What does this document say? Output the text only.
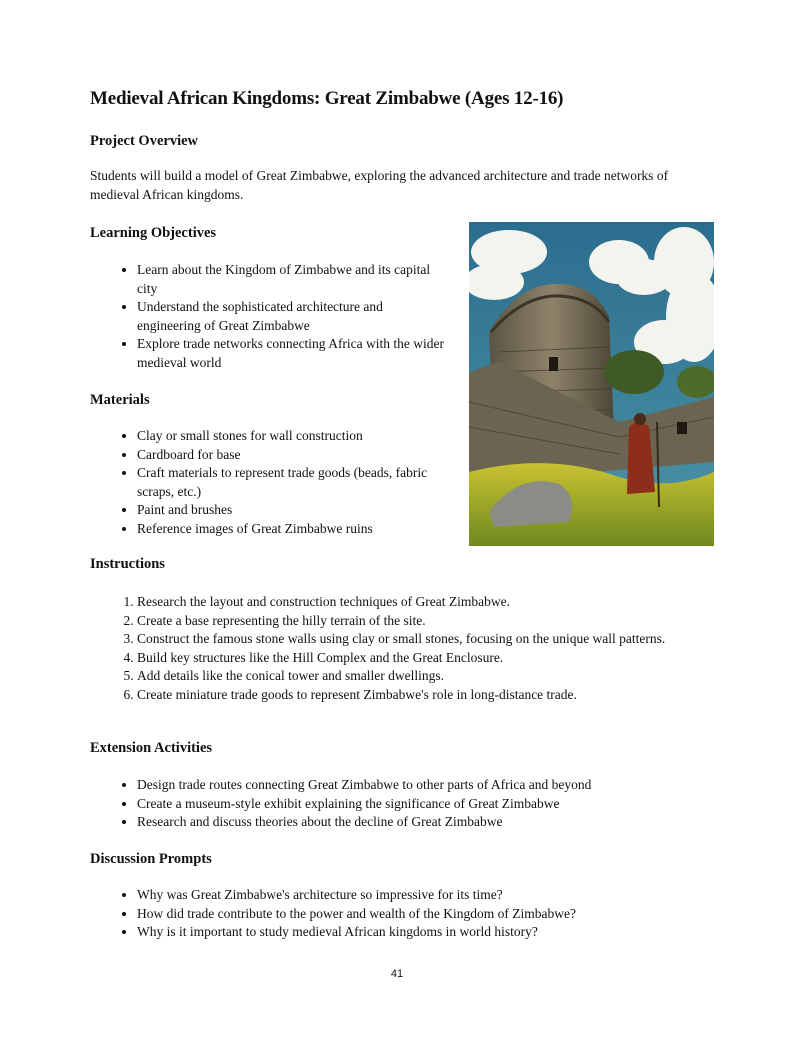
Medieval African Kingdoms: Great Zimbabwe (Ages 12-16)
Project Overview

Students will build a model of Great Zimbabwe, exploring the advanced architecture and trade networks of medieval African kingdoms.

Learning Objectives
• Learn about the Kingdom of Zimbabwe and its capital city
• Understand the sophisticated architecture and engineering of Great Zimbabwe
• Explore trade networks connecting Africa with the wider medieval world
Materials
• Clay or small stones for wall construction
• Cardboard for base
• Craft materials to represent trade goods (beads, fabric scraps, etc.)
• Paint and brushes
• Reference images of Great Zimbabwe ruins
Instructions
1. Research the layout and construction techniques of Great Zimbabwe.
2. Create a base representing the hilly terrain of the site.
3. Construct the famous stone walls using clay or small stones, focusing on the unique wall patterns.
4. Build key structures like the Hill Complex and the Great Enclosure.
5. Add details like the conical tower and smaller dwellings.
6. Create miniature trade goods to represent Zimbabwe's role in long-distance trade.
Extension Activities
• Design trade routes connecting Great Zimbabwe to other parts of Africa and beyond
• Create a museum-style exhibit explaining the significance of Great Zimbabwe
• Research and discuss theories about the decline of Great Zimbabwe
Discussion Prompts
• Why was Great Zimbabwe's architecture so impressive for its time?
• How did trade contribute to the power and wealth of the Kingdom of Zimbabwe?
• Why is it important to study medieval African kingdoms in world history?
41
